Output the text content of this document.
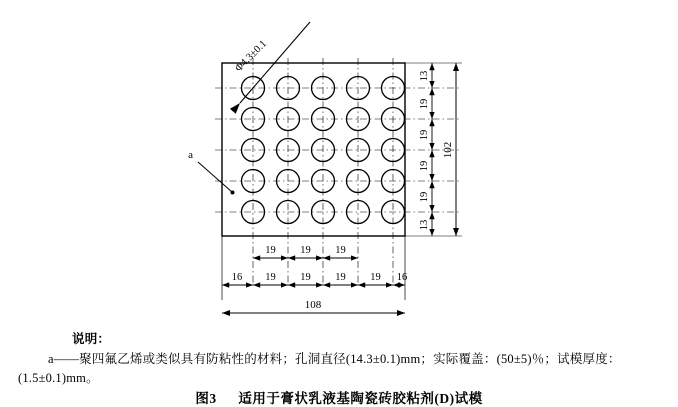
Φ4.3±0.1
a
19 19 19
16 19 19 19 19 16
108
13
19
19
19
19
13
102
说明：
a——聚四氟乙烯或类似具有防粘性的材料；孔洞直径(14.3±0.1)mm；实际覆盖：(50±5)％；试模厚度：
(1.5±0.1)mm。
图3 适用于膏状乳液基陶瓷砖胶粘剂(D)试模
